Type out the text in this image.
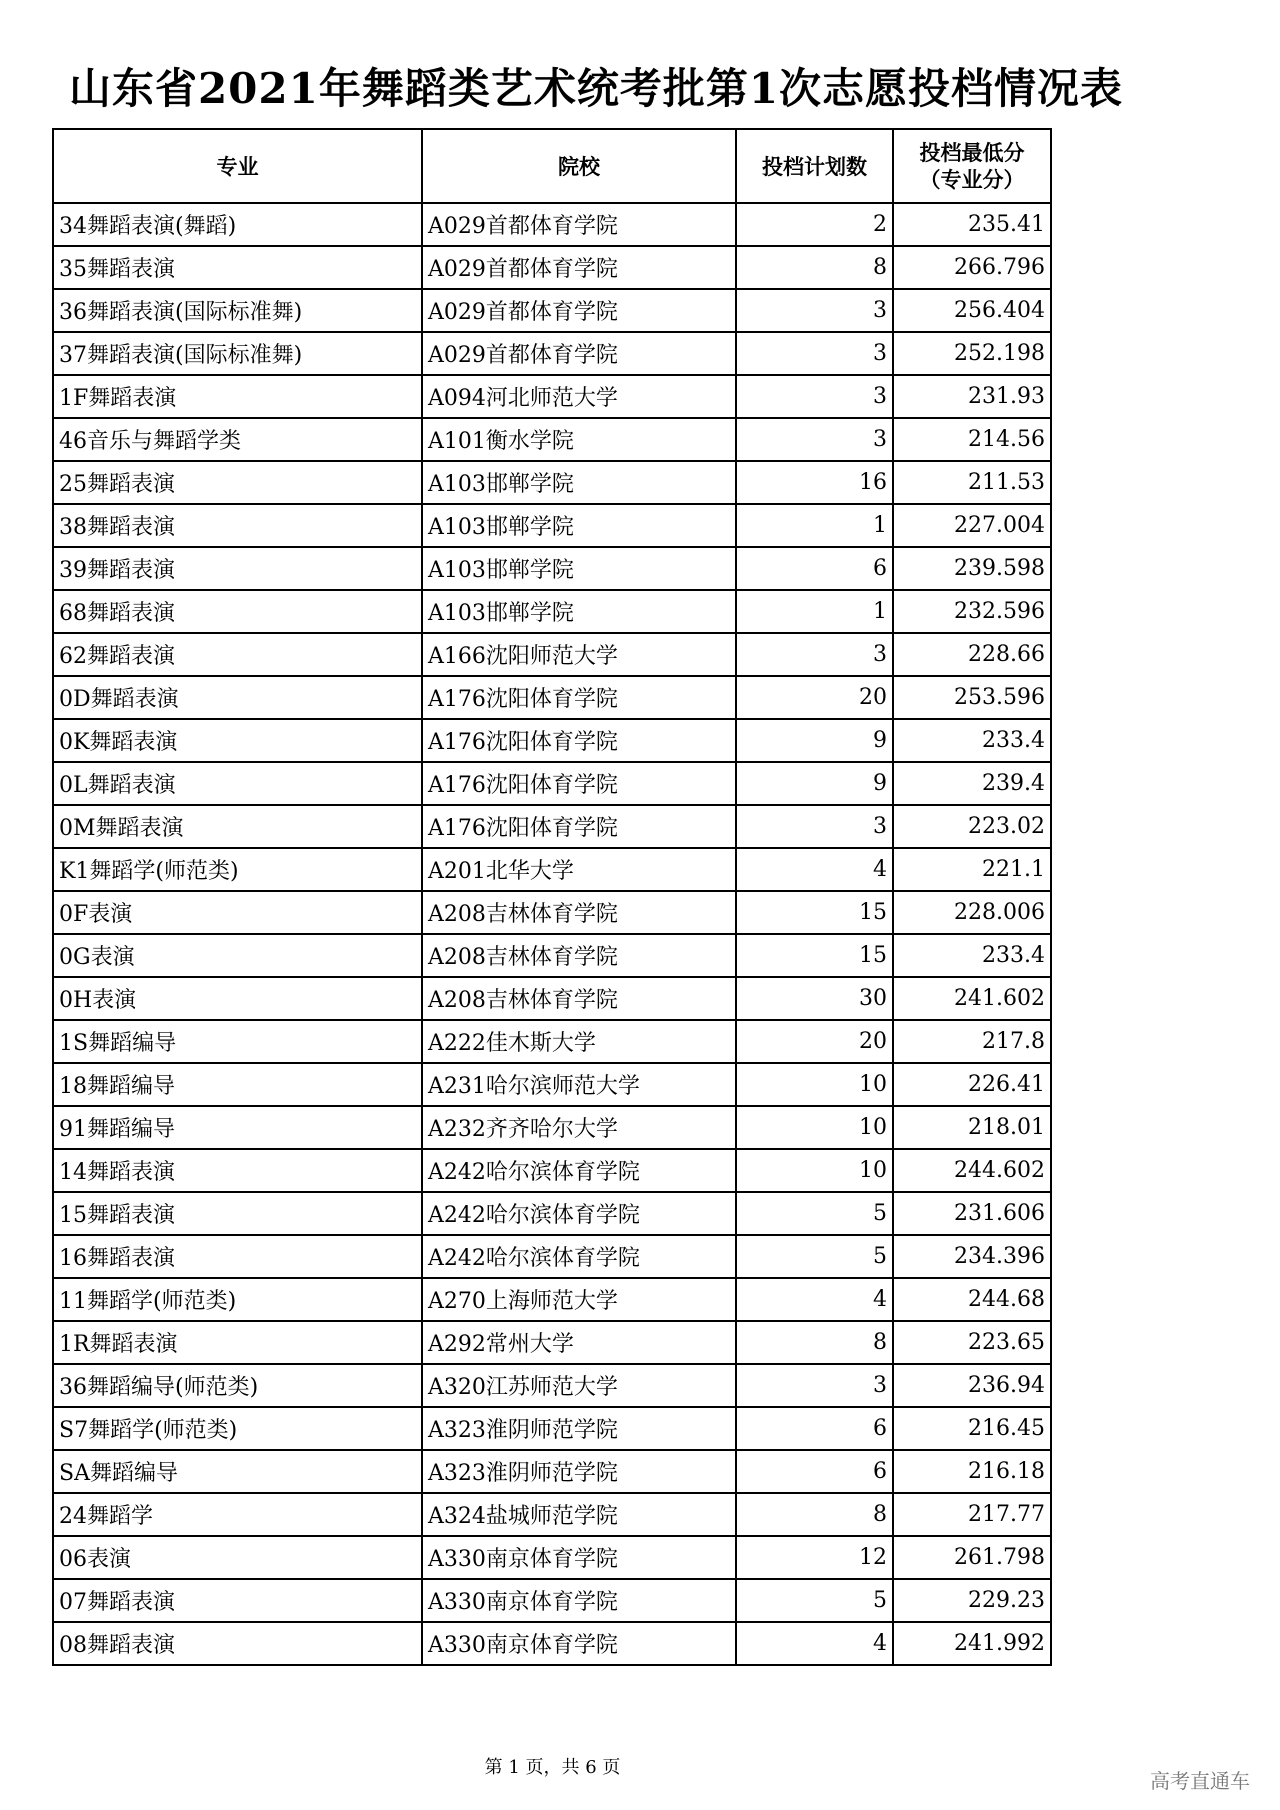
山东省2021年舞蹈类艺术统考批第1次志愿投档情况表
专业	院校	投档计划数	投档最低分
（专业分）
34舞蹈表演(舞蹈)	A029首都体育学院	2	235.41
35舞蹈表演	A029首都体育学院	8	266.796
36舞蹈表演(国际标准舞)	A029首都体育学院	3	256.404
37舞蹈表演(国际标准舞)	A029首都体育学院	3	252.198
1F舞蹈表演	A094河北师范大学	3	231.93
46音乐与舞蹈学类	A101衡水学院	3	214.56
25舞蹈表演	A103邯郸学院	16	211.53
38舞蹈表演	A103邯郸学院	1	227.004
39舞蹈表演	A103邯郸学院	6	239.598
68舞蹈表演	A103邯郸学院	1	232.596
62舞蹈表演	A166沈阳师范大学	3	228.66
0D舞蹈表演	A176沈阳体育学院	20	253.596
0K舞蹈表演	A176沈阳体育学院	9	233.4
0L舞蹈表演	A176沈阳体育学院	9	239.4
0M舞蹈表演	A176沈阳体育学院	3	223.02
K1舞蹈学(师范类)	A201北华大学	4	221.1
0F表演	A208吉林体育学院	15	228.006
0G表演	A208吉林体育学院	15	233.4
0H表演	A208吉林体育学院	30	241.602
1S舞蹈编导	A222佳木斯大学	20	217.8
18舞蹈编导	A231哈尔滨师范大学	10	226.41
91舞蹈编导	A232齐齐哈尔大学	10	218.01
14舞蹈表演	A242哈尔滨体育学院	10	244.602
15舞蹈表演	A242哈尔滨体育学院	5	231.606
16舞蹈表演	A242哈尔滨体育学院	5	234.396
11舞蹈学(师范类)	A270上海师范大学	4	244.68
1R舞蹈表演	A292常州大学	8	223.65
36舞蹈编导(师范类)	A320江苏师范大学	3	236.94
S7舞蹈学(师范类)	A323淮阴师范学院	6	216.45
SA舞蹈编导	A323淮阴师范学院	6	216.18
24舞蹈学	A324盐城师范学院	8	217.77
06表演	A330南京体育学院	12	261.798
07舞蹈表演	A330南京体育学院	5	229.23
08舞蹈表演	A330南京体育学院	4	241.992
第 1 页，共 6 页
高考直通车
